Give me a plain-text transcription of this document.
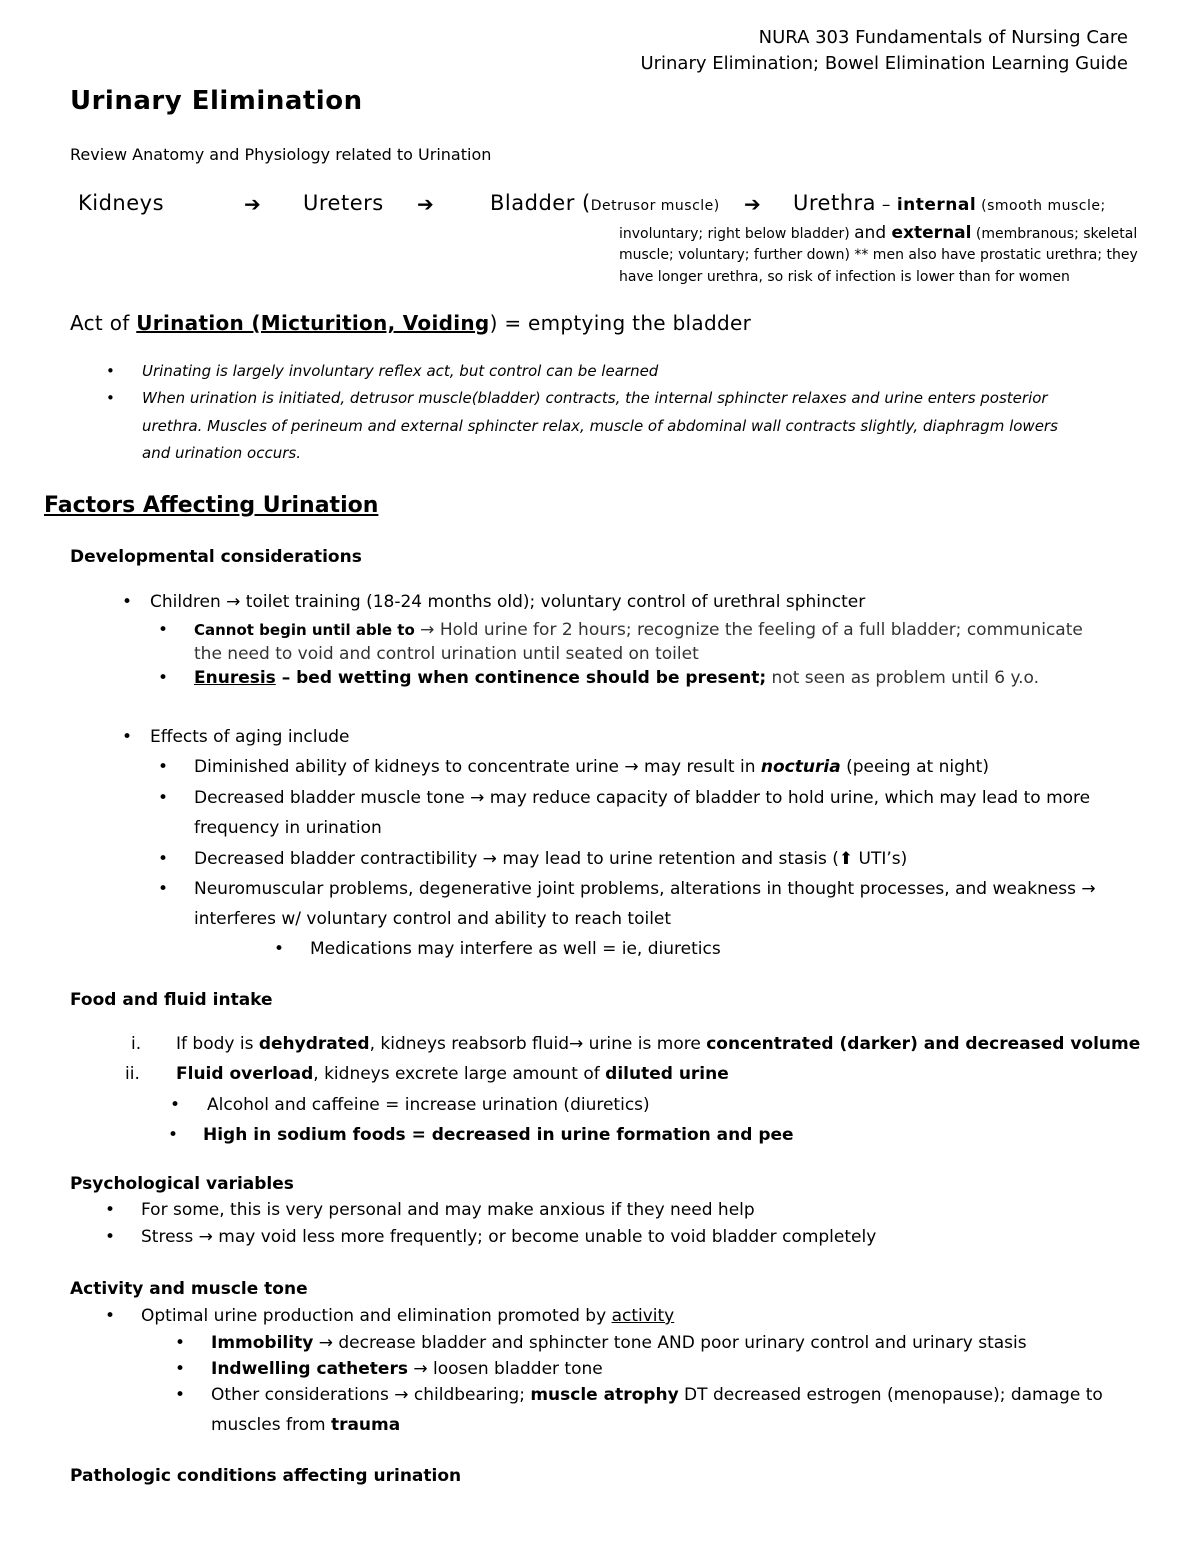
NURA 303 Fundamentals of Nursing Care
Urinary Elimination; Bowel Elimination Learning Guide
Urinary Elimination
Review Anatomy and Physiology related to Urination
Kidneys	➔ Ureters ➔	Bladder (Detrusor muscle) ➔ Urethra – internal (smooth muscle;
involuntary; right below bladder) and external (membranous; skeletal
muscle; voluntary; further down) ** men also have prostatic urethra; they
have longer urethra, so risk of infection is lower than for women
Act of Urination (Micturition, Voiding) = emptying the bladder
• Urinating is largely involuntary reflex act, but control can be learned
• When urination is initiated, detrusor muscle(bladder) contracts, the internal sphincter relaxes and urine enters posterior
urethra. Muscles of perineum and external sphincter relax, muscle of abdominal wall contracts slightly, diaphragm lowers
and urination occurs.
Factors Affecting Urination
Developmental considerations
• Children → toilet training (18-24 months old); voluntary control of urethral sphincter
• Cannot begin until able to → Hold urine for 2 hours; recognize the feeling of a full bladder; communicate
the need to void and control urination until seated on toilet
• Enuresis – bed wetting when continence should be present; not seen as problem until 6 y.o.
• Effects of aging include
• Diminished ability of kidneys to concentrate urine → may result in nocturia (peeing at night)
• Decreased bladder muscle tone → may reduce capacity of bladder to hold urine, which may lead to more
frequency in urination
• Decreased bladder contractibility → may lead to urine retention and stasis (⬆ UTI’s)
• Neuromuscular problems, degenerative joint problems, alterations in thought processes, and weakness →
interferes w/ voluntary control and ability to reach toilet
• Medications may interfere as well = ie, diuretics
Food and fluid intake
i. If body is dehydrated, kidneys reabsorb fluid→ urine is more concentrated (darker) and decreased volume
ii. Fluid overload, kidneys excrete large amount of diluted urine
• Alcohol and caffeine = increase urination (diuretics)
• High in sodium foods = decreased in urine formation and pee
Psychological variables
• For some, this is very personal and may make anxious if they need help
• Stress → may void less more frequently; or become unable to void bladder completely
Activity and muscle tone
• Optimal urine production and elimination promoted by activity
• Immobility → decrease bladder and sphincter tone AND poor urinary control and urinary stasis
• Indwelling catheters → loosen bladder tone
• Other considerations → childbearing; muscle atrophy DT decreased estrogen (menopause); damage to
muscles from trauma
Pathologic conditions affecting urination
